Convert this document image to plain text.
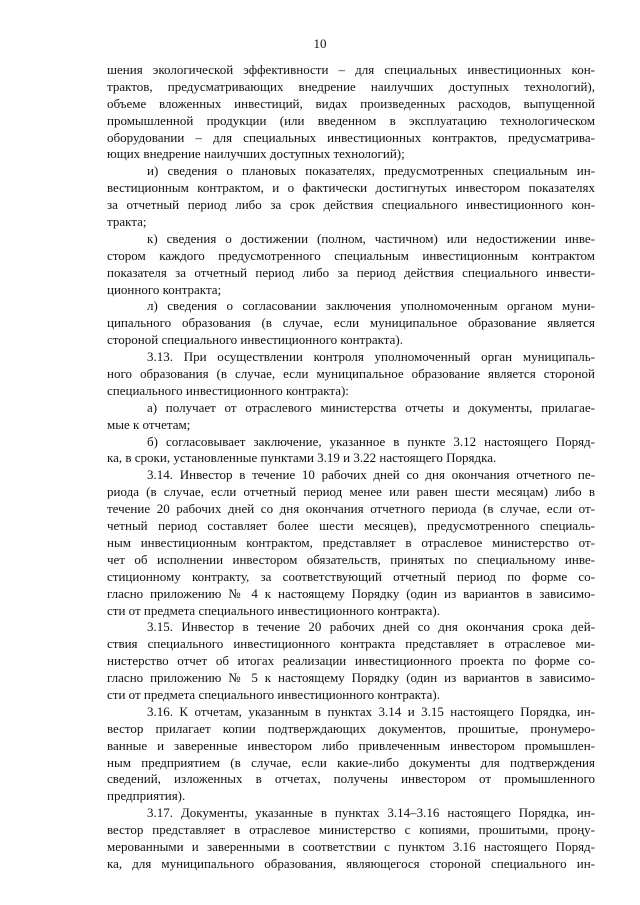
10
шения экологической эффективности – для специальных инвестиционных кон-
трактов, предусматривающих внедрение наилучших доступных технологий),
объеме вложенных инвестиций, видах произведенных расходов, выпущенной
промышленной продукции (или введенном в эксплуатацию технологическом
оборудовании – для специальных инвестиционных контрактов, предусматрива-
ющих внедрение наилучших доступных технологий);
и) сведения о плановых показателях, предусмотренных специальным ин-
вестиционным контрактом, и о фактически достигнутых инвестором показателях
за отчетный период либо за срок действия специального инвестиционного кон-
тракта;
к) сведения о достижении (полном, частичном) или недостижении инве-
стором каждого предусмотренного специальным инвестиционным контрактом
показателя за отчетный период либо за период действия специального инвести-
ционного контракта;
л) сведения о согласовании заключения уполномоченным органом муни-
ципального образования (в случае, если муниципальное образование является
стороной специального инвестиционного контракта).
3.13. При осуществлении контроля уполномоченный орган муниципаль-
ного образования (в случае, если муниципальное образование является стороной
специального инвестиционного контракта):
а) получает от отраслевого министерства отчеты и документы, прилагае-
мые к отчетам;
б) согласовывает заключение, указанное в пункте 3.12 настоящего Поряд-
ка, в сроки, установленные пунктами 3.19 и 3.22 настоящего Порядка.
3.14. Инвестор в течение 10 рабочих дней со дня окончания отчетного пе-
риода (в случае, если отчетный период менее или равен шести месяцам) либо в
течение 20 рабочих дней со дня окончания отчетного периода (в случае, если от-
четный период составляет более шести месяцев), предусмотренного специаль-
ным инвестиционным контрактом, представляет в отраслевое министерство от-
чет об исполнении инвестором обязательств, принятых по специальному инве-
стиционному контракту, за соответствующий отчетный период по форме со-
гласно приложению № 4 к настоящему Порядку (один из вариантов в зависимо-
сти от предмета специального инвестиционного контракта).
3.15. Инвестор в течение 20 рабочих дней со дня окончания срока дей-
ствия специального инвестиционного контракта представляет в отраслевое ми-
нистерство отчет об итогах реализации инвестиционного проекта по форме со-
гласно приложению № 5 к настоящему Порядку (один из вариантов в зависимо-
сти от предмета специального инвестиционного контракта).
3.16. К отчетам, указанным в пунктах 3.14 и 3.15 настоящего Порядка, ин-
вестор прилагает копии подтверждающих документов, прошитые, пронумеро-
ванные и заверенные инвестором либо привлеченным инвестором промышлен-
ным предприятием (в случае, если какие-либо документы для подтверждения
сведений, изложенных в отчетах, получены инвестором от промышленного
предприятия).
3.17. Документы, указанные в пунктах 3.14–3.16 настоящего Порядка, ин-
вестор представляет в отраслевое министерство с копиями, прошитыми, проңу-
мерованными и заверенными в соответствии с пунктом 3.16 настоящего Поряд-
ка, для муниципального образования, являющегося стороной специального ин-
